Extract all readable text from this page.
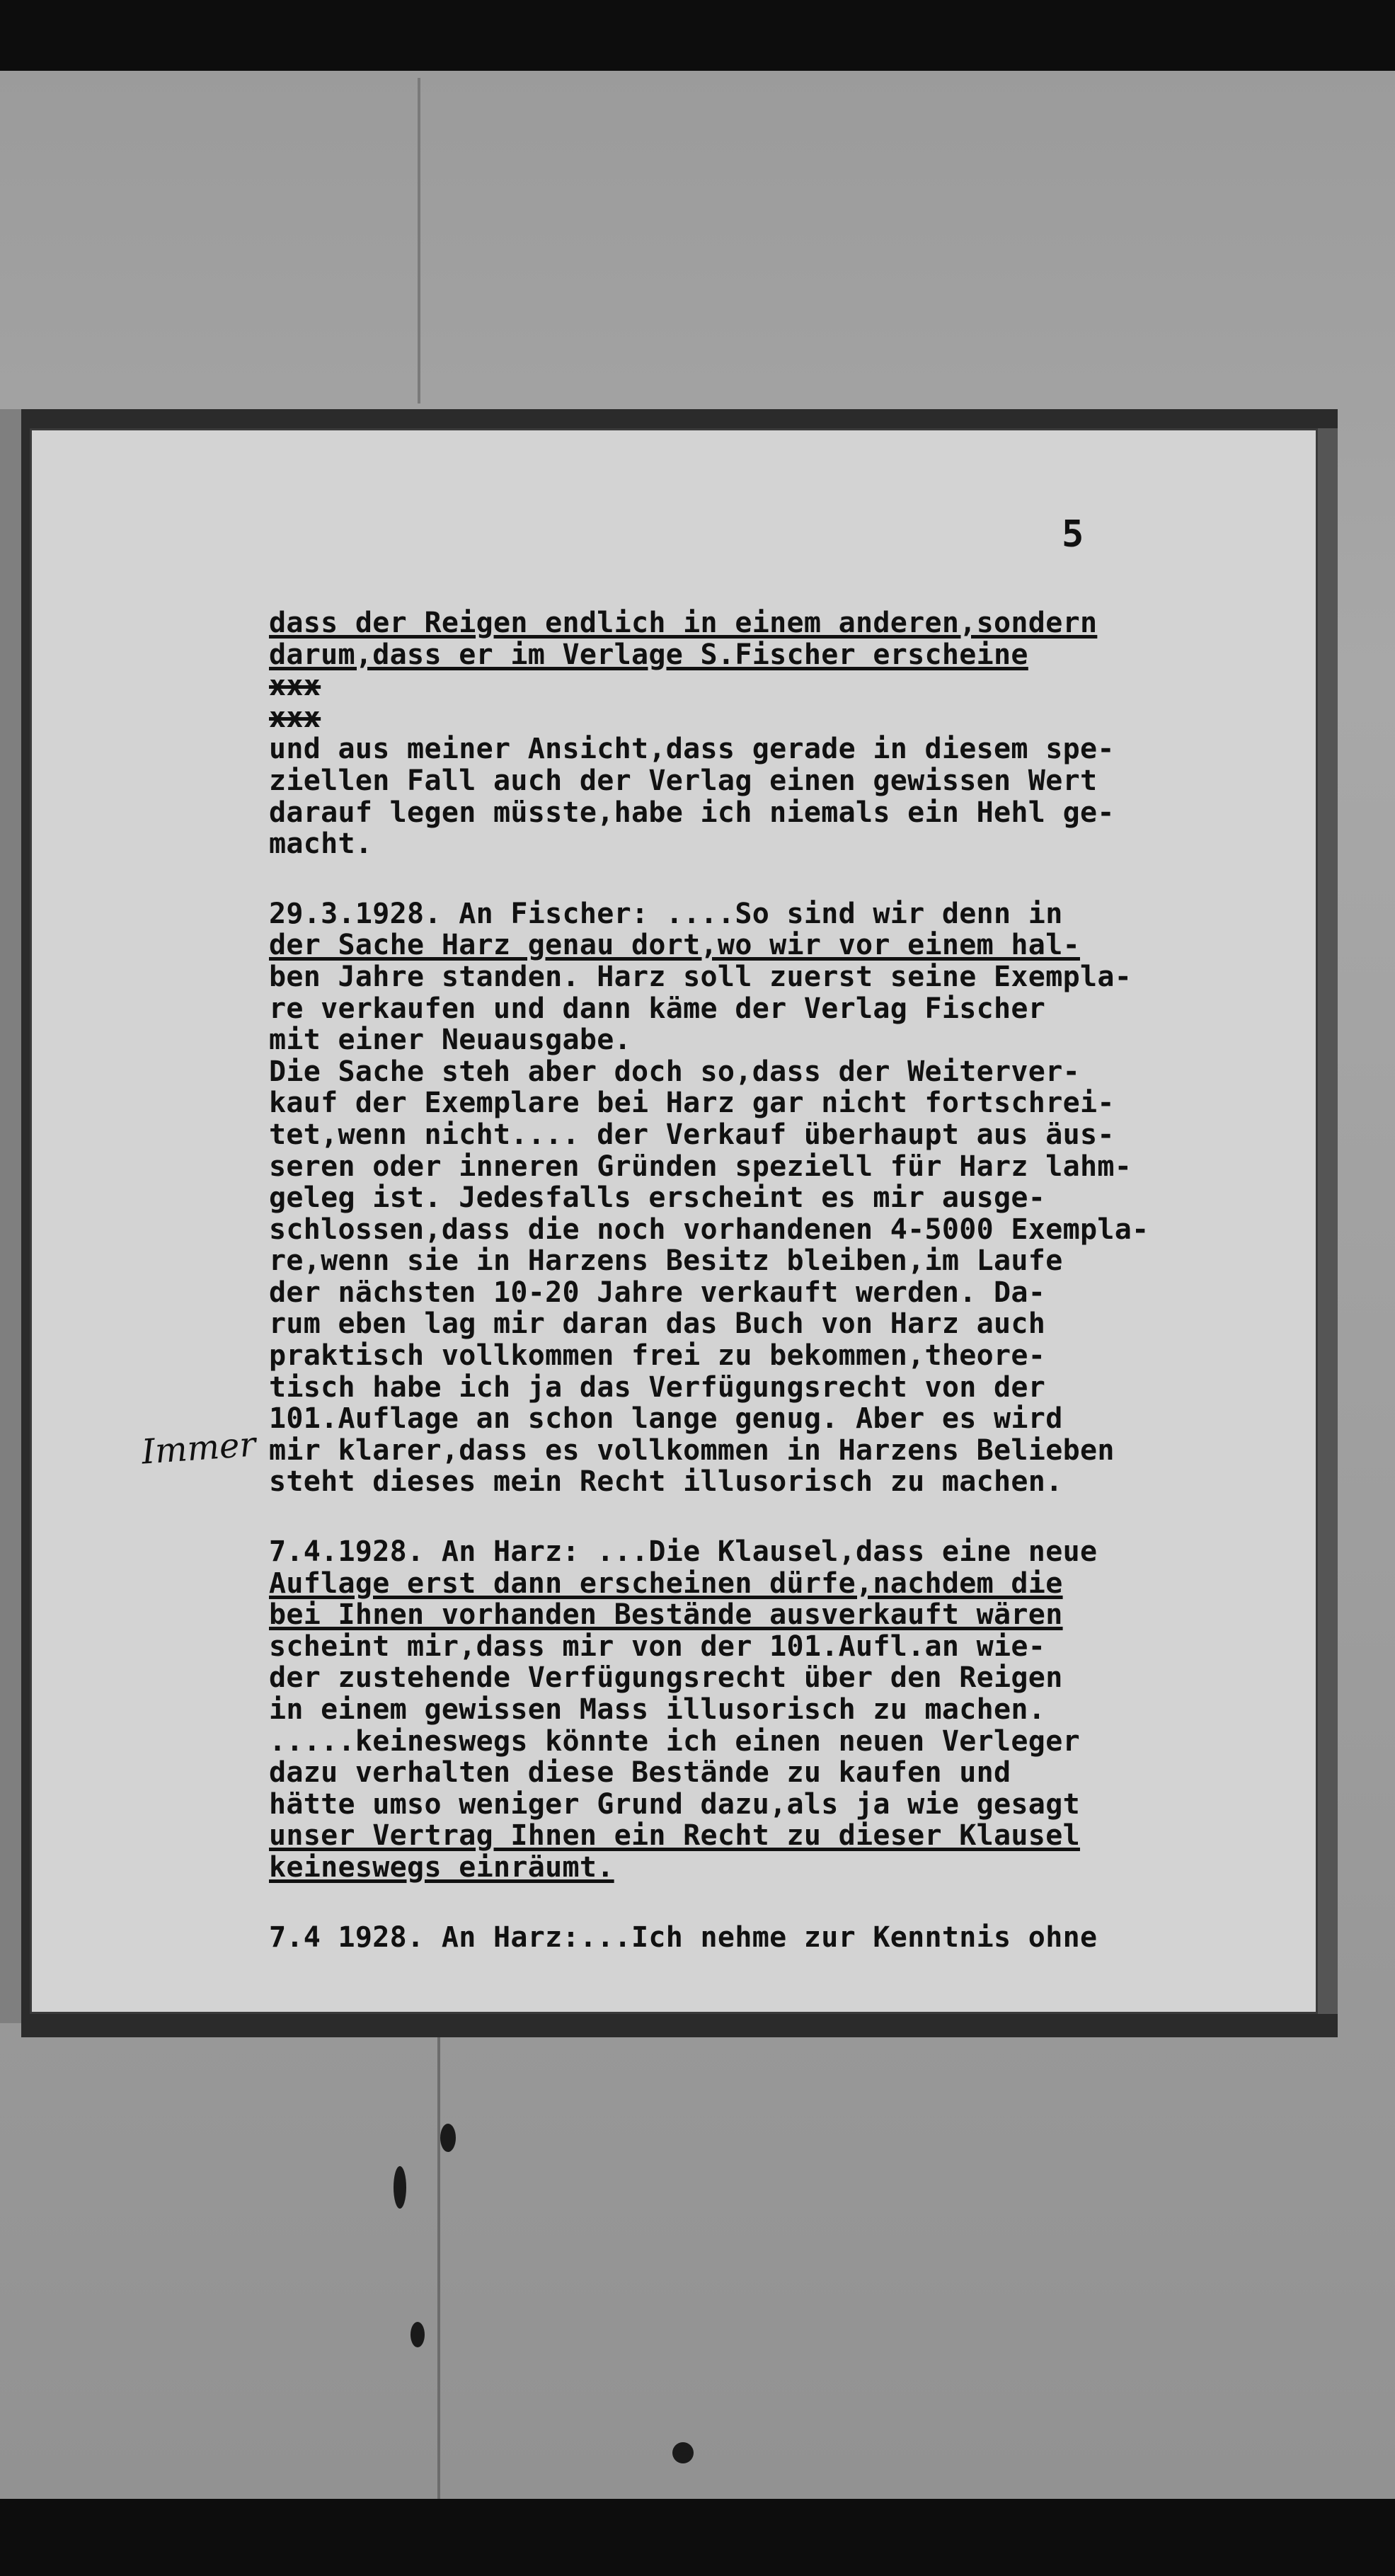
5
dass der Reigen endlich in einem anderen,sondern
darum,dass er im Verlage S.Fischer erscheine
xxx
xxx
und aus meiner Ansicht,dass gerade in diesem spe-
ziellen Fall auch der Verlag einen gewissen Wert
darauf legen müsste,habe ich niemals ein Hehl ge-
macht.
29.3.1928. An Fischer: ....So sind wir denn in
der Sache Harz genau dort,wo wir vor einem hal-
ben Jahre standen. Harz soll zuerst seine Exempla-
re verkaufen und dann käme der Verlag Fischer
mit einer Neuausgabe.
Die Sache steh aber doch so,dass der Weiterver-
kauf der Exemplare bei Harz gar nicht fortschrei-
tet,wenn nicht.... der Verkauf überhaupt aus äus-
seren oder inneren Gründen speziell für Harz lahm-
geleg ist. Jedesfalls erscheint es mir ausge-
schlossen,dass die noch vorhandenen 4-5000 Exempla-
re,wenn sie in Harzens Besitz bleiben,im Laufe
der nächsten 10-20 Jahre verkauft werden. Da-
rum eben lag mir daran das Buch von Harz auch
praktisch vollkommen frei zu bekommen,theore-
tisch habe ich ja das Verfügungsrecht von der
101.Auflage an schon lange genug. Aber es wird
mir klarer,dass es vollkommen in Harzens Belieben
steht dieses mein Recht illusorisch zu machen.
7.4.1928. An Harz: ...Die Klausel,dass eine neue
Auflage erst dann erscheinen dürfe,nachdem die
bei Ihnen vorhanden Bestände ausverkauft wären
scheint mir,dass mir von der 101.Aufl.an wie-
der zustehende Verfügungsrecht über den Reigen
in einem gewissen Mass illusorisch zu machen.
.....keineswegs könnte ich einen neuen Verleger
dazu verhalten diese Bestände zu kaufen und
hätte umso weniger Grund dazu,als ja wie gesagt
unser Vertrag Ihnen ein Recht zu dieser Klausel
keineswegs einräumt.
7.4 1928. An Harz:...Ich nehme zur Kenntnis ohne
Immer
